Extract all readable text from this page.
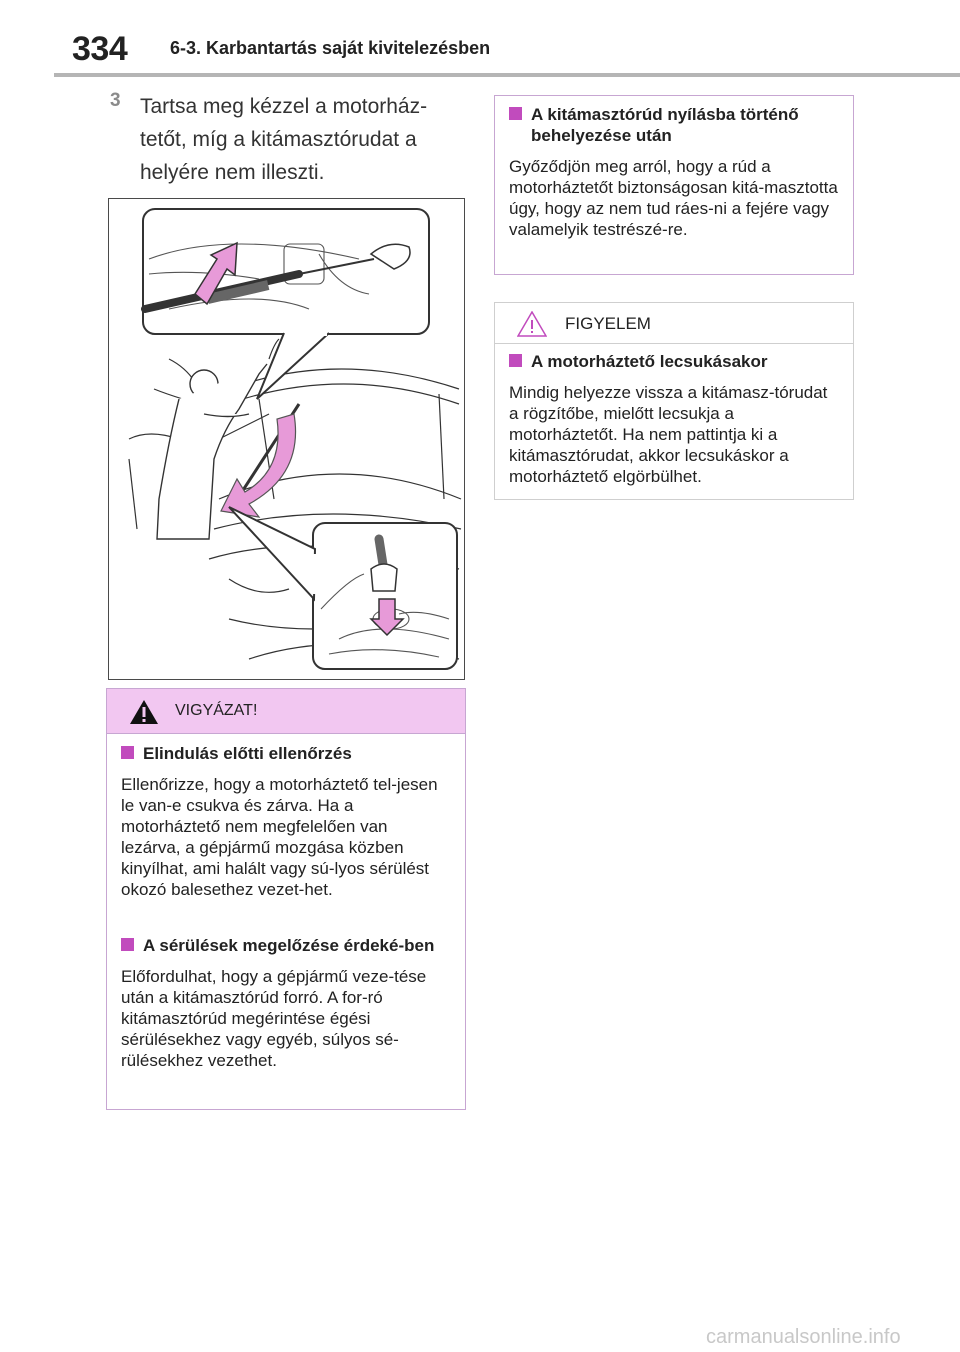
334 6-3. Karbantartás saját kivitelezésben
3 Tartsa meg kézzel a motorház-tetőt, míg a kitámasztórudat a helyére nem illeszti.
VIGYÁZAT!
Elindulás előtti ellenőrzés
Ellenőrizze, hogy a motorháztető tel-jesen le van-e csukva és zárva. Ha a motorháztető nem megfelelően van lezárva, a gépjármű mozgása közben kinyílhat, ami halált vagy sú-lyos sérülést okozó balesethez vezet-het.
A sérülések megelőzése érdeké-ben
Előfordulhat, hogy a gépjármű veze-tése után a kitámasztórúd forró. A for-ró kitámasztórúd megérintése égési sérülésekhez vagy egyéb, súlyos sé-rülésekhez vezethet.
A kitámasztórúd nyílásba történő behelyezése után
Győződjön meg arról, hogy a rúd a motorháztetőt biztonságosan kitá-masztotta úgy, hogy az nem tud ráes-ni a fejére vagy valamelyik testrészé-re.
FIGYELEM
A motorháztető lecsukásakor
Mindig helyezze vissza a kitámasz-tórudat a rögzítőbe, mielőtt lecsukja a motorháztetőt. Ha nem pattintja ki a kitámasztórudat, akkor lecsukáskor a motorháztető elgörbülhet.
carmanualsonline.info
